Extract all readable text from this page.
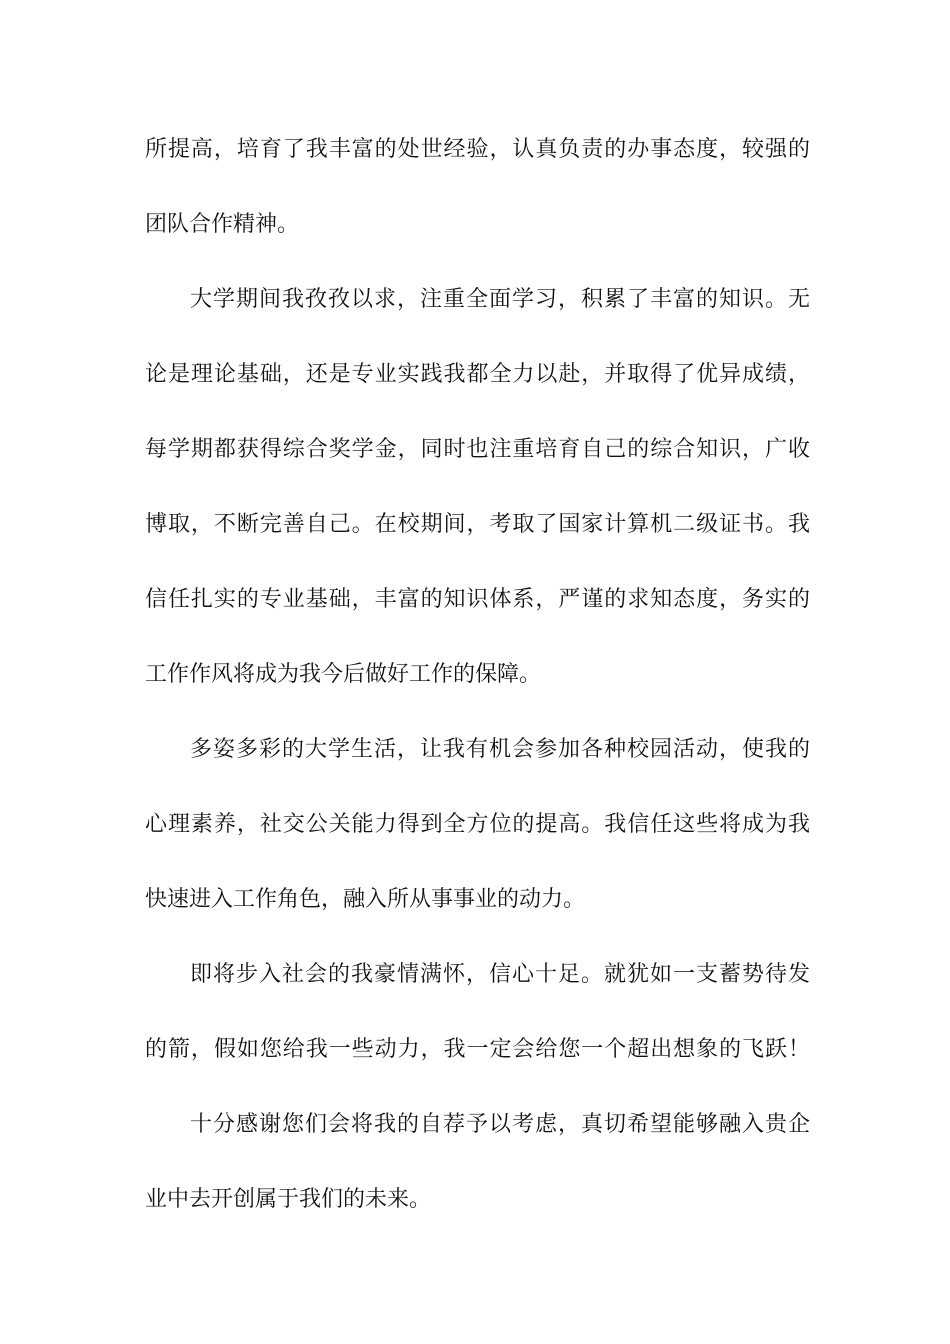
所提高，培育了我丰富的处世经验，认真负责的办事态度，较强的
团队合作精神。
大学期间我孜孜以求，注重全面学习，积累了丰富的知识。无
论是理论基础，还是专业实践我都全力以赴，并取得了优异成绩，
每学期都获得综合奖学金，同时也注重培育自己的综合知识，广收
博取，不断完善自己。在校期间，考取了国家计算机二级证书。我
信任扎实的专业基础，丰富的知识体系，严谨的求知态度，务实的
工作作风将成为我今后做好工作的保障。
多姿多彩的大学生活，让我有机会参加各种校园活动，使我的
心理素养，社交公关能力得到全方位的提高。我信任这些将成为我
快速进入工作角色，融入所从事事业的动力。
即将步入社会的我豪情满怀，信心十足。就犹如一支蓄势待发
的箭，假如您给我一些动力，我一定会给您一个超出想象的飞跃！
十分感谢您们会将我的自荐予以考虑，真切希望能够融入贵企
业中去开创属于我们的未来。
